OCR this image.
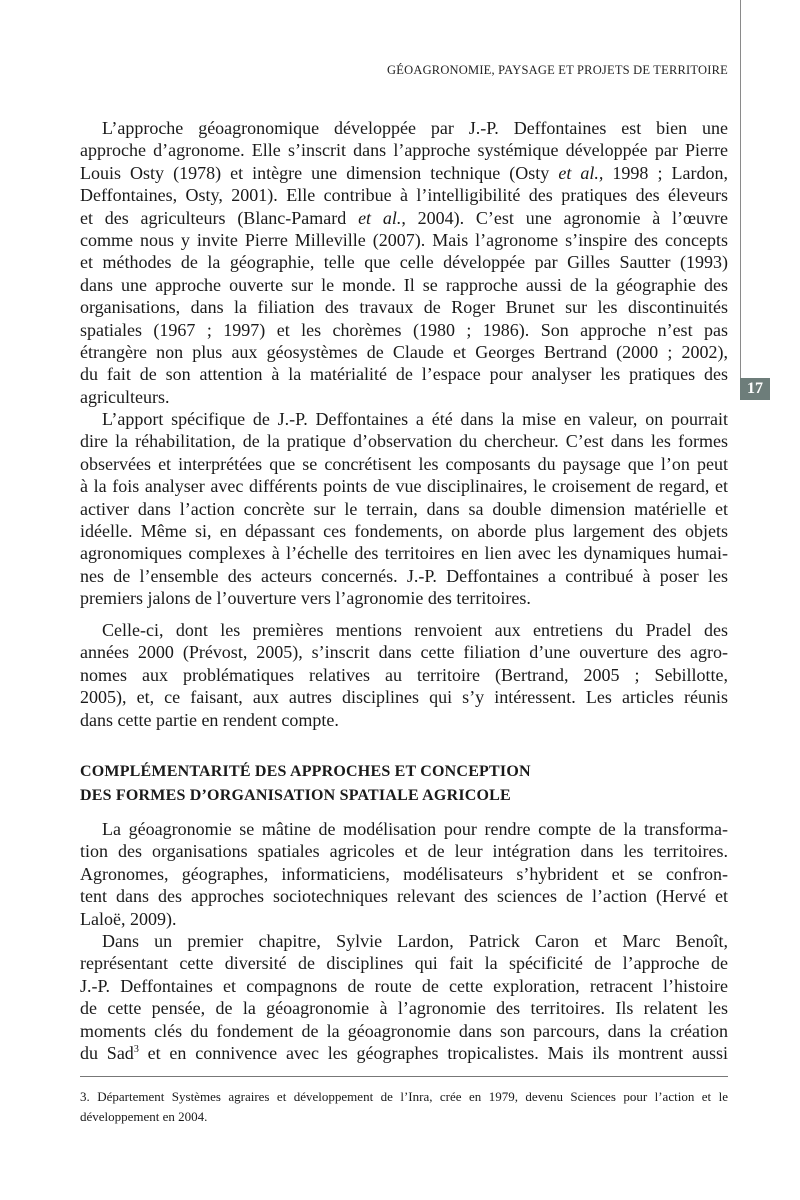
GÉOAGRONOMIE, PAYSAGE ET PROJETS DE TERRITOIRE
17
L’approche géoagronomique développée par J.-P. Deffontaines est bien une
approche d’agronome. Elle s’inscrit dans l’approche systémique développée par Pierre
Louis Osty (1978) et intègre une dimension technique (Osty et al., 1998 ; Lardon,
Deffontaines, Osty, 2001). Elle contribue à l’intelligibilité des pratiques des éleveurs
et des agriculteurs (Blanc-Pamard et al., 2004). C’est une agronomie à l’œuvre
comme nous y invite Pierre Milleville (2007). Mais l’agronome s’inspire des concepts
et méthodes de la géographie, telle que celle développée par Gilles Sautter (1993)
dans une approche ouverte sur le monde. Il se rapproche aussi de la géographie des
organisations, dans la filiation des travaux de Roger Brunet sur les discontinuités
spatiales (1967 ; 1997) et les chorèmes (1980 ; 1986). Son approche n’est pas
étrangère non plus aux géosystèmes de Claude et Georges Bertrand (2000 ; 2002),
du fait de son attention à la matérialité de l’espace pour analyser les pratiques des
agriculteurs.
L’apport spécifique de J.-P. Deffontaines a été dans la mise en valeur, on pourrait
dire la réhabilitation, de la pratique d’observation du chercheur. C’est dans les formes
observées et interprétées que se concrétisent les composants du paysage que l’on peut
à la fois analyser avec différents points de vue disciplinaires, le croisement de regard, et
activer dans l’action concrète sur le terrain, dans sa double dimension matérielle et
idéelle. Même si, en dépassant ces fondements, on aborde plus largement des objets
agronomiques complexes à l’échelle des territoires en lien avec les dynamiques humai-
nes de l’ensemble des acteurs concernés. J.-P. Deffontaines a contribué à poser les
premiers jalons de l’ouverture vers l’agronomie des territoires.
Celle-ci, dont les premières mentions renvoient aux entretiens du Pradel des
années 2000 (Prévost, 2005), s’inscrit dans cette filiation d’une ouverture des agro-
nomes aux problématiques relatives au territoire (Bertrand, 2005 ; Sebillotte,
2005), et, ce faisant, aux autres disciplines qui s’y intéressent. Les articles réunis
dans cette partie en rendent compte.
COMPLÉMENTARITÉ DES APPROCHES ET CONCEPTION
DES FORMES D’ORGANISATION SPATIALE AGRICOLE
La géoagronomie se mâtine de modélisation pour rendre compte de la transforma-
tion des organisations spatiales agricoles et de leur intégration dans les territoires.
Agronomes, géographes, informaticiens, modélisateurs s’hybrident et se confron-
tent dans des approches sociotechniques relevant des sciences de l’action (Hervé et
Laloë, 2009).
Dans un premier chapitre, Sylvie Lardon, Patrick Caron et Marc Benoît,
représentant cette diversité de disciplines qui fait la spécificité de l’approche de
J.-P. Deffontaines et compagnons de route de cette exploration, retracent l’histoire
de cette pensée, de la géoagronomie à l’agronomie des territoires. Ils relatent les
moments clés du fondement de la géoagronomie dans son parcours, dans la création
du Sad$^3$ et en connivence avec les géographes tropicalistes. Mais ils montrent aussi
3. Département Systèmes agraires et développement de l’Inra, crée en 1979, devenu Sciences pour l’action et le
développement en 2004.
